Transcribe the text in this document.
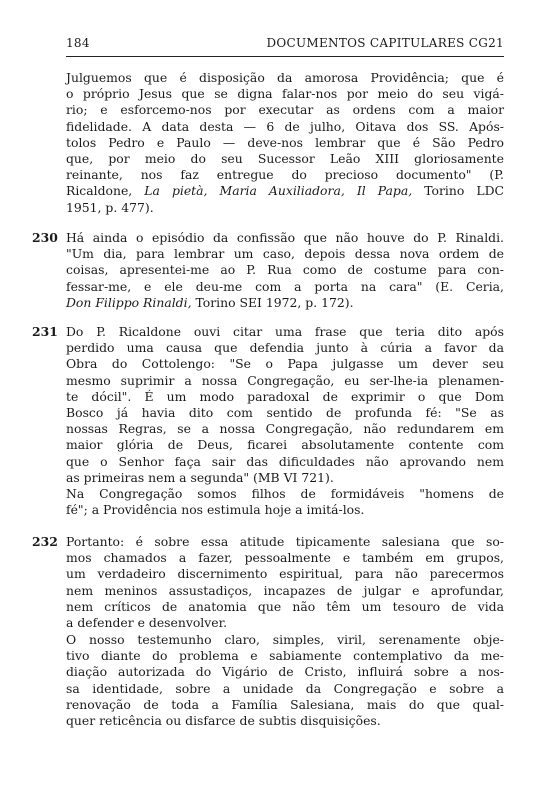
184	DOCUMENTOS CAPITULARES CG21
Julguemos que é disposição da amorosa Providência; que é
o próprio Jesus que se digna falar-nos por meio do seu vigá-
rio; e esforcemo-nos por executar as ordens com a maior
fidelidade. A data desta — 6 de julho, Oitava dos SS. Após-
tolos Pedro e Paulo — deve-nos lembrar que é São Pedro
que, por meio do seu Sucessor Leão XIII gloriosamente
reinante, nos faz entregue do precioso documento" (P.
Ricaldone, La pietà, Maria Auxiliadora, Il Papa, Torino LDC
1951, p. 477).
230 Há ainda o episódio da confissão que não houve do P. Rinaldi.
"Um dia, para lembrar um caso, depois dessa nova ordem de
coisas, apresentei-me ao P. Rua como de costume para con-
fessar-me, e ele deu-me com a porta na cara" (E. Ceria,
Don Filippo Rinaldi, Torino SEI 1972, p. 172).
231 Do P. Ricaldone ouvi citar uma frase que teria dito após
perdido uma causa que defendia junto à cúria a favor da
Obra do Cottolengo: "Se o Papa julgasse um dever seu
mesmo suprimir a nossa Congregação, eu ser-lhe-ia plenamen-
te dócil". É um modo paradoxal de exprimir o que Dom
Bosco já havia dito com sentido de profunda fé: "Se as
nossas Regras, se a nossa Congregação, não redundarem em
maior glória de Deus, ficarei absolutamente contente com
que o Senhor faça sair das dificuldades não aprovando nem
as primeiras nem a segunda" (MB VI 721).
Na Congregação somos filhos de formidáveis "homens de
fé"; a Providência nos estimula hoje a imitá-los.
232 Portanto: é sobre essa atitude tipicamente salesiana que so-
mos chamados a fazer, pessoalmente e também em grupos,
um verdadeiro discernimento espiritual, para não parecermos
nem meninos assustadiços, incapazes de julgar e aprofundar,
nem críticos de anatomia que não têm um tesouro de vida
a defender e desenvolver.
O nosso testemunho claro, simples, viril, serenamente obje-
tivo diante do problema e sabiamente contemplativo da me-
diação autorizada do Vigário de Cristo, influirá sobre a nos-
sa identidade, sobre a unidade da Congregação e sobre a
renovação de toda a Família Salesiana, mais do que qual-
quer reticência ou disfarce de subtis disquisições.
